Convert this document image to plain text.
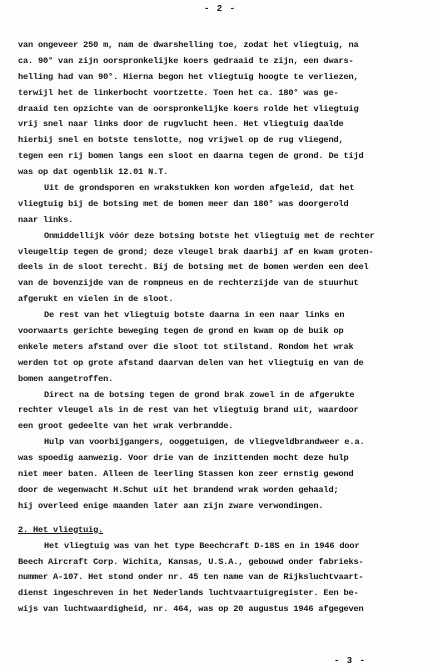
- 2 -
van ongeveer 250 m, nam de dwarshelling toe, zodat het vliegtuig, na
ca. 90° van zijn oorspronkelijke koers gedraaid te zijn, een dwars-
helling had van 90°. Hierna begon het vliegtuig hoogte te verliezen,
terwijl het de linkerbocht voortzette. Toen het ca. 180° was ge-
draaid ten opzichte van de oorspronkelijke koers rolde het vliegtuig
vrij snel naar links door de rugvlucht heen. Het vliegtuig daalde
hierbij snel en botste tenslotte, nog vrijwel op de rug vliegend,
tegen een rij bomen langs een sloot en daarna tegen de grond. De tijd
was op dat ogenblik 12.01 N.T.
Uit de grondsporen en wrakstukken kon worden afgeleid, dat het
vliegtuig bij de botsing met de bomen meer dan 180° was doorgerold
naar links.
Onmiddellijk vóór deze botsing botste het vliegtuig met de rechter
vleugeltip tegen de grond; deze vleugel brak daarbij af en kwam groten-
deels in de sloot terecht. Bij de botsing met de bomen werden een deel
van de bovenzijde van de rompneus en de rechterzijde van de stuurhut
afgerukt en vielen in de sloot.
De rest van het vliegtuig botste daarna in een naar links en
voorwaarts gerichte beweging tegen de grond en kwam op de buik op
enkele meters afstand over die sloot tot stilstand. Rondom het wrak
werden tot op grote afstand daarvan delen van het vliegtuig en van de
bomen aangetroffen.
Direct na de botsing tegen de grond brak zowel in de afgerukte
rechter vleugel als in de rest van het vliegtuig brand uit, waardoor
een groot gedeelte van het wrak verbrandde.
Hulp van voorbijgangers, ooggetuigen, de vliegveldbrandweer e.a.
was spoedig aanwezig. Voor drie van de inzittenden mocht deze hulp
niet meer baten. Alleen de leerling Stassen kon zeer ernstig gewond
door de wegenwacht H.Schut uit het brandend wrak worden gehaald;
hij overleed enige maanden later aan zijn zware verwondingen.
2. Het vliegtuig.
Het vliegtuig was van het type Beechcraft D-18S en in 1946 door
Beech Aircraft Corp. Wichita, Kansas, U.S.A., gebouwd onder fabrieks-
nummer A-107. Het stond onder nr. 45 ten name van de Rijksluchtvaart-
dienst ingeschreven in het Nederlands luchtvaartuigregister. Een be-
wijs van luchtwaardigheid, nr. 464, was op 20 augustus 1946 afgegeven
- 3 -
